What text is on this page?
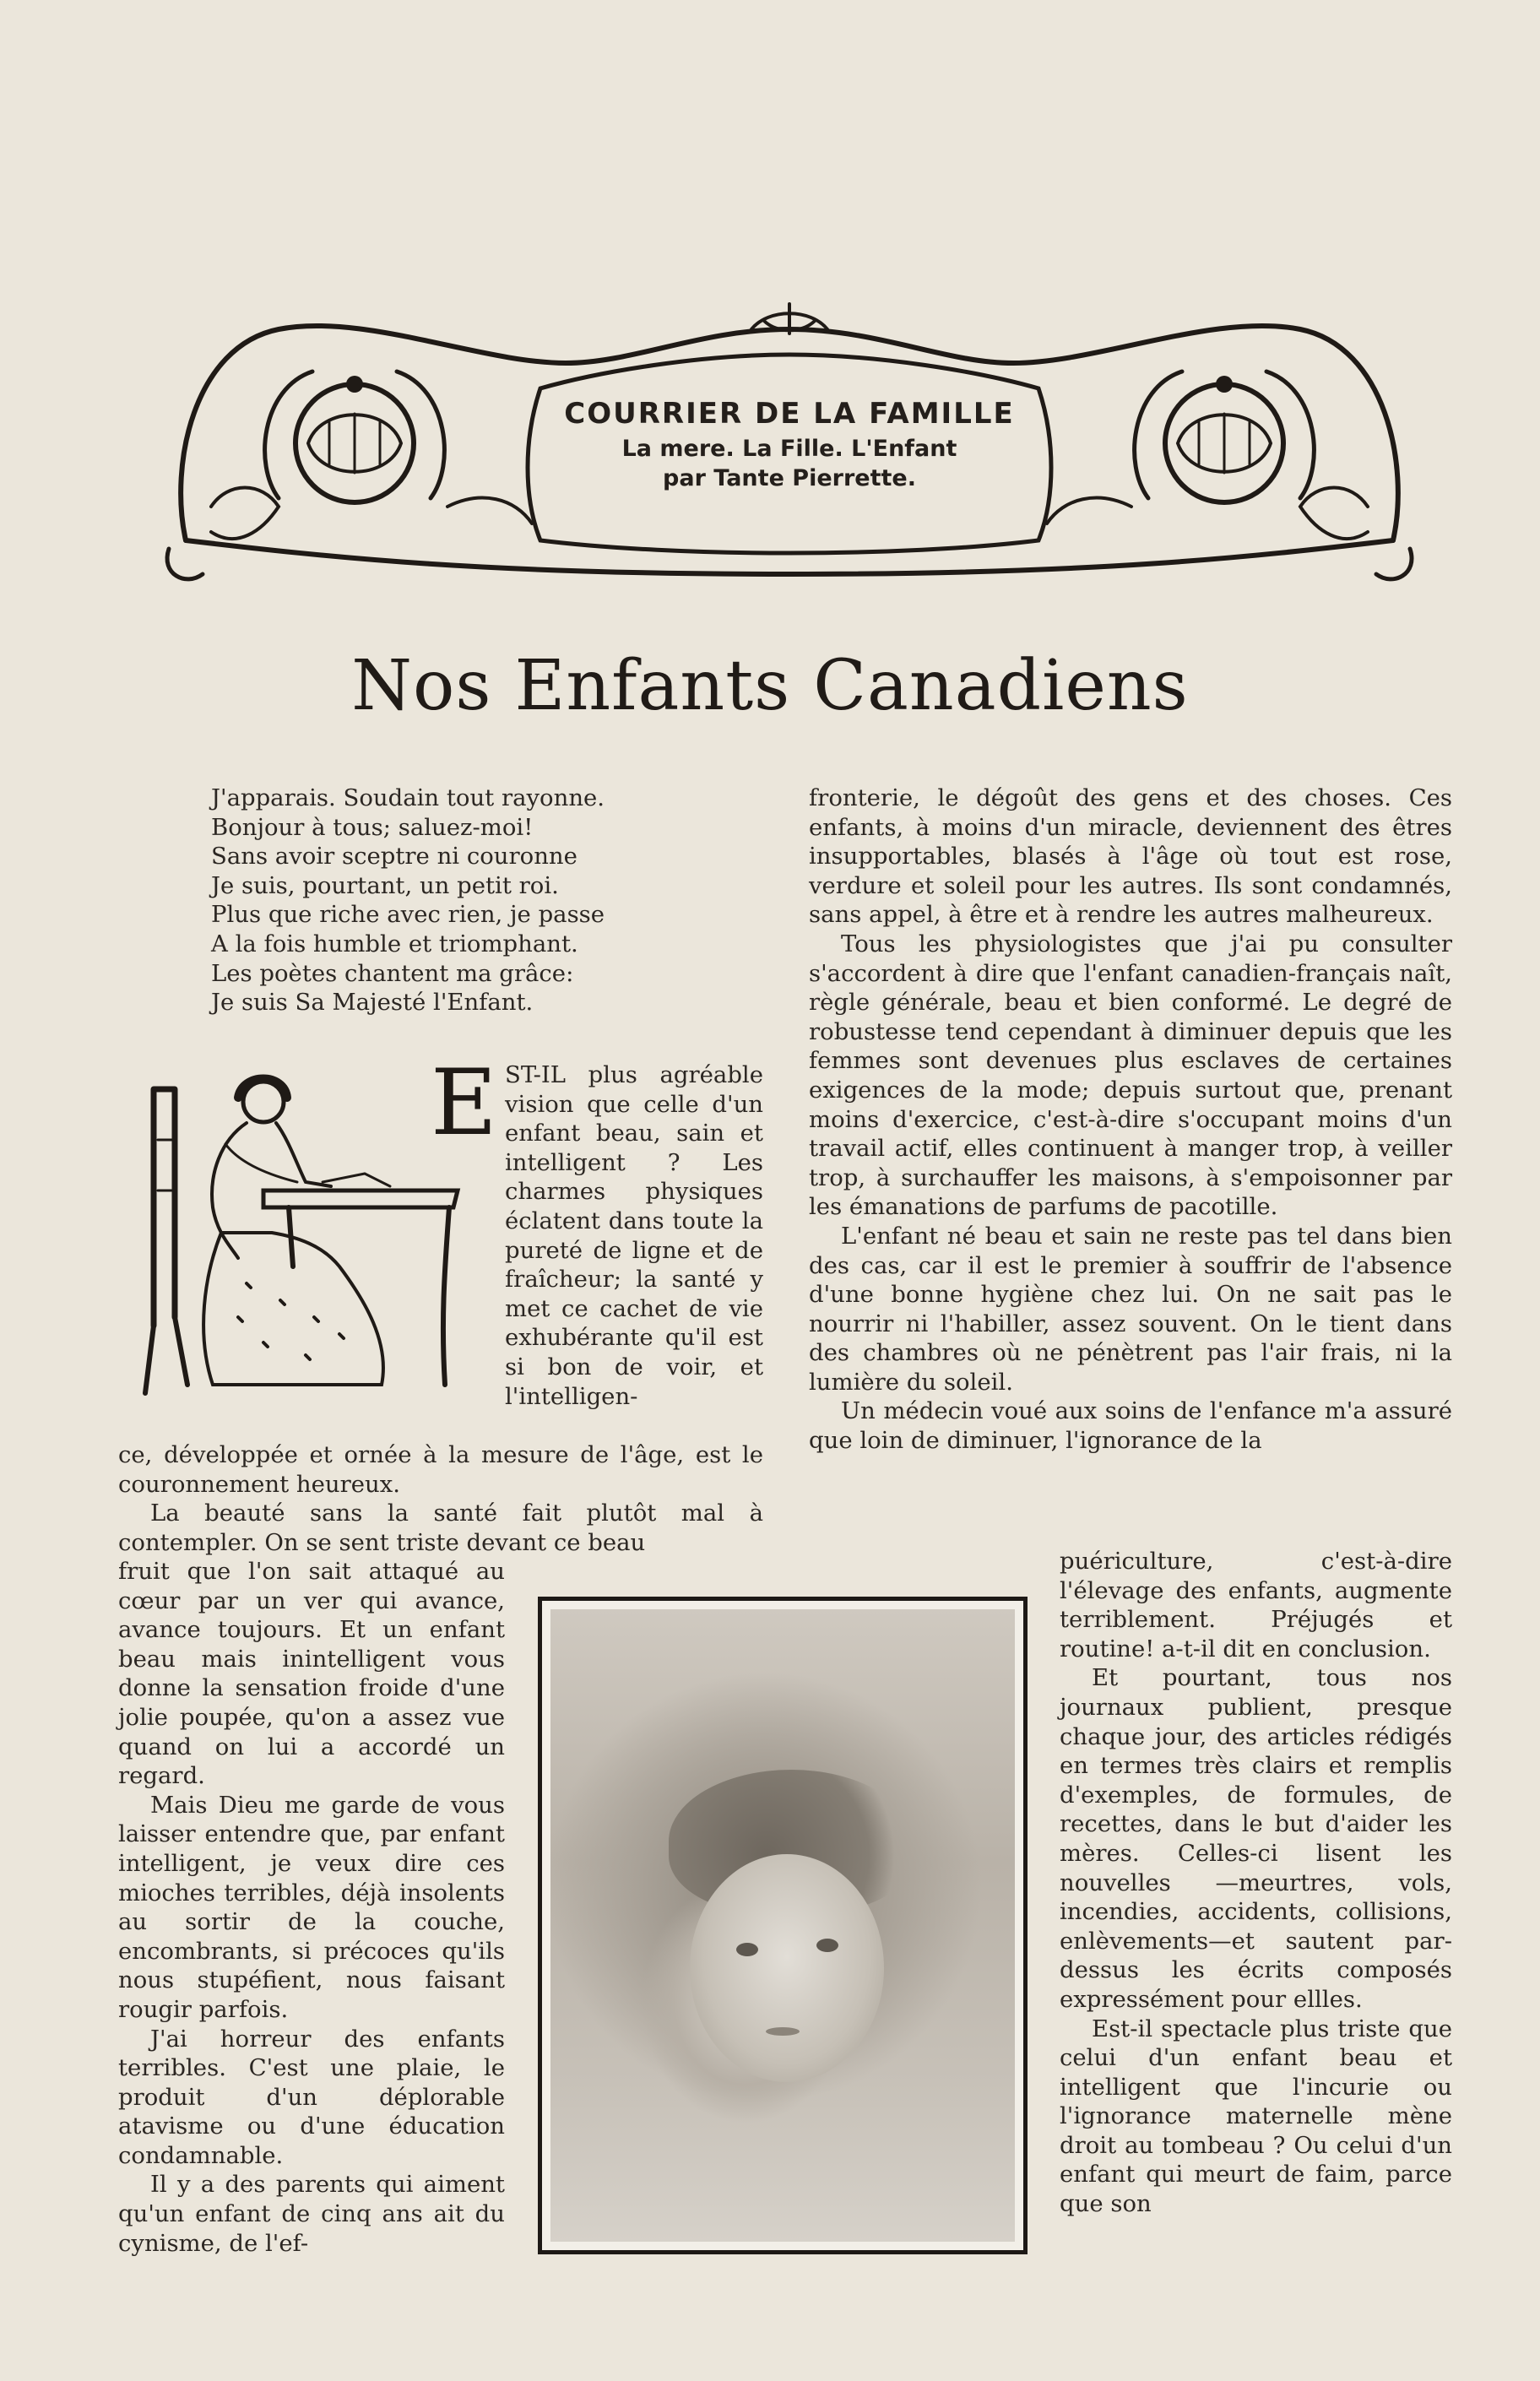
COURRIER DE LA FAMILLE
La mere. La Fille. L'Enfant
par Tante Pierrette.
Nos Enfants Canadiens
J'apparais. Soudain tout rayonne.
Bonjour à tous; saluez-moi!
Sans avoir sceptre ni couronne
Je suis, pourtant, un petit roi.
Plus que riche avec rien, je passe
A la fois humble et triomphant.
Les poètes chantent ma grâce:
Je suis Sa Majesté l'Enfant.
E ST-IL plus agréable vision que celle d'un enfant beau, sain et intelligent ? Les charmes physiques éclatent dans toute la pureté de ligne et de fraîcheur; la santé y met ce cachet de vie exhubérante qu'il est si bon de voir, et l'intelligen-

ce, développée et ornée à la mesure de l'âge, est le couronnement heureux.

La beauté sans la santé fait plutôt mal à contempler. On se sent triste devant ce beau

fruit que l'on sait attaqué au cœur par un ver qui avance, avance toujours. Et un enfant beau mais inintelligent vous donne la sensation froide d'une jolie poupée, qu'on a assez vue quand on lui a accordé un regard.

Mais Dieu me garde de vous laisser entendre que, par enfant intelligent, je veux dire ces mioches terribles, déjà insolents au sortir de la couche, encombrants, si précoces qu'ils nous stupéfient, nous faisant rougir parfois.

J'ai horreur des enfants terribles. C'est une plaie, le produit d'un déplorable atavisme ou d'une éducation condamnable.

Il y a des parents qui aiment qu'un enfant de cinq ans ait du cynisme, de l'ef-

fronterie, le dégoût des gens et des choses. Ces enfants, à moins d'un miracle, deviennent des êtres insupportables, blasés à l'âge où tout est rose, verdure et soleil pour les autres. Ils sont condamnés, sans appel, à être et à rendre les autres malheureux.

Tous les physiologistes que j'ai pu consulter s'accordent à dire que l'enfant canadien-français naît, règle générale, beau et bien conformé. Le degré de robustesse tend cependant à diminuer depuis que les femmes sont devenues plus esclaves de certaines exigences de la mode; depuis surtout que, prenant moins d'exercice, c'est-à-dire s'occupant moins d'un travail actif, elles continuent à manger trop, à veiller trop, à surchauffer les maisons, à s'empoisonner par les émanations de parfums de pacotille.

L'enfant né beau et sain ne reste pas tel dans bien des cas, car il est le premier à souffrir de l'absence d'une bonne hygiène chez lui. On ne sait pas le nourrir ni l'habiller, assez souvent. On le tient dans des chambres où ne pénètrent pas l'air frais, ni la lumière du soleil.

Un médecin voué aux soins de l'enfance m'a assuré que loin de diminuer, l'ignorance de la

puériculture, c'est-à-dire l'élevage des enfants, augmente terriblement. Préjugés et routine! a-t-il dit en conclusion.

Et pourtant, tous nos journaux publient, presque chaque jour, des articles rédigés en termes très clairs et remplis d'exemples, de formules, de recettes, dans le but d'aider les mères. Celles-ci lisent les nouvelles —meurtres, vols, incendies, accidents, collisions, enlèvements—et sautent par-dessus les écrits composés expressément pour ellles.

Est-il spectacle plus triste que celui d'un enfant beau et intelligent que l'incurie ou l'ignorance maternelle mène droit au tombeau ? Ou celui d'un enfant qui meurt de faim, parce que son
